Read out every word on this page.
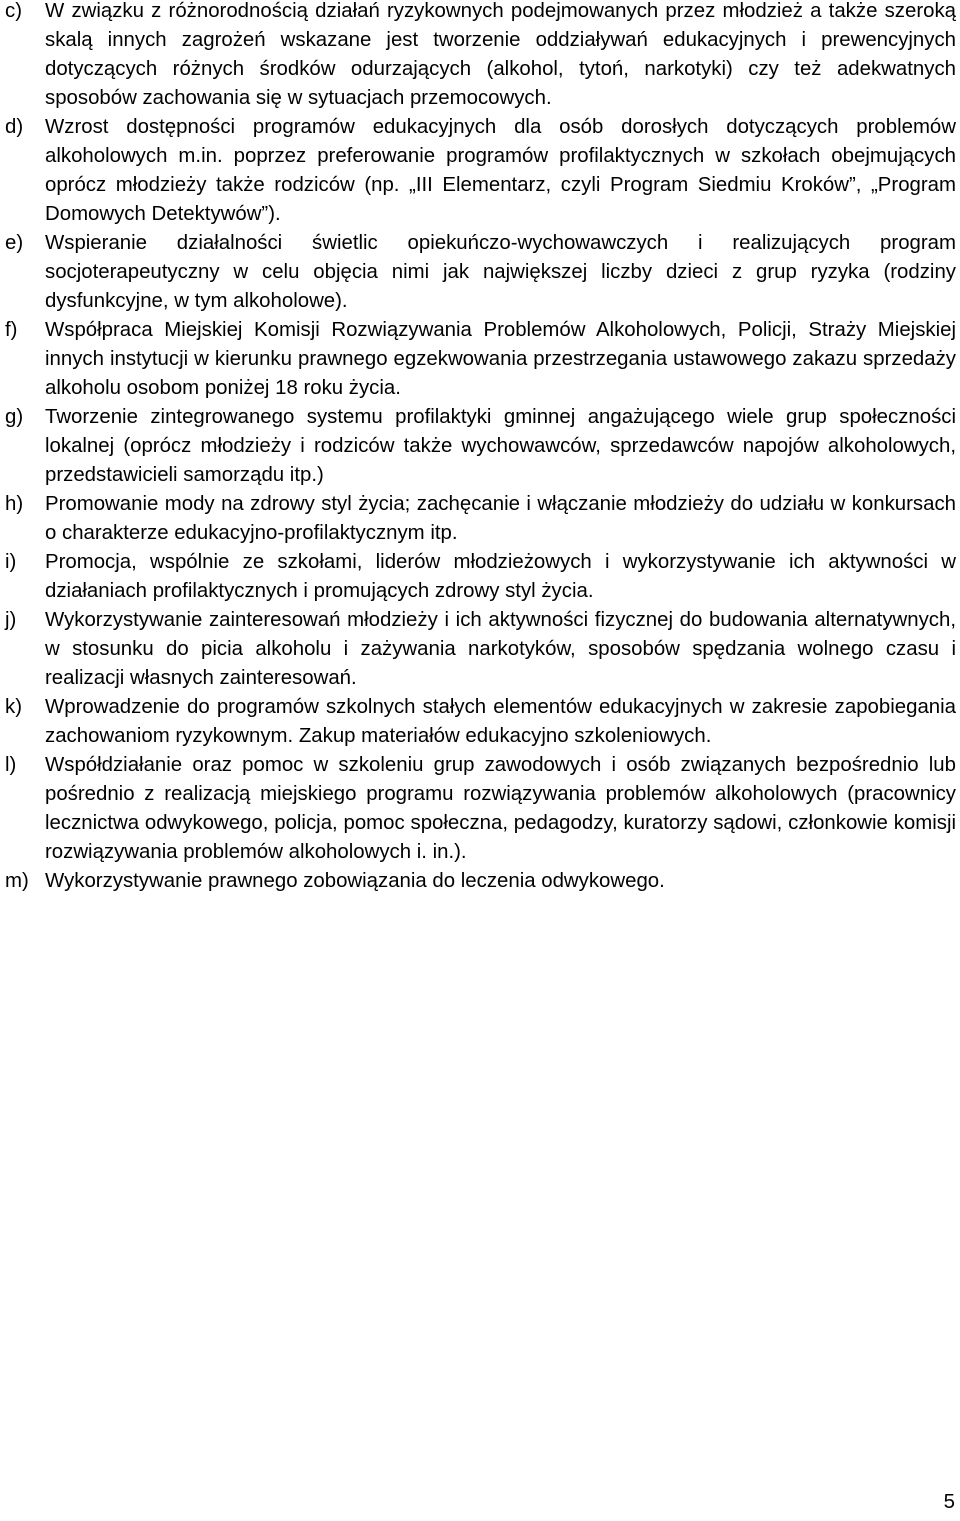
c)	W związku z różnorodnością działań ryzykownych podejmowanych przez młodzież a także szeroką skalą innych zagrożeń wskazane jest tworzenie oddziaływań edukacyjnych i prewencyjnych dotyczących różnych środków odurzających (alkohol, tytoń, narkotyki) czy też adekwatnych sposobów zachowania się w sytuacjach przemocowych.
d)	Wzrost dostępności programów edukacyjnych dla osób dorosłych dotyczących problemów alkoholowych m.in. poprzez preferowanie programów profilaktycznych w szkołach obejmujących oprócz młodzieży także rodziców (np. „III Elementarz, czyli Program Siedmiu Kroków”, „Program Domowych Detektywów”).
e)	Wspieranie działalności świetlic opiekuńczo-wychowawczych i realizujących program socjoterapeutyczny w celu objęcia nimi jak największej liczby dzieci z grup ryzyka (rodziny dysfunkcyjne, w tym alkoholowe).
f)	Współpraca Miejskiej Komisji Rozwiązywania Problemów Alkoholowych, Policji, Straży Miejskiej innych instytucji w kierunku prawnego egzekwowania przestrzegania ustawowego zakazu sprzedaży alkoholu osobom poniżej 18 roku życia.
g)	Tworzenie zintegrowanego systemu profilaktyki gminnej angażującego wiele grup społeczności lokalnej (oprócz młodzieży i rodziców także wychowawców, sprzedawców napojów alkoholowych, przedstawicieli samorządu itp.)
h)	Promowanie mody na zdrowy styl życia; zachęcanie i włączanie młodzieży do udziału w konkursach o charakterze edukacyjno-profilaktycznym itp.
i)	Promocja, wspólnie ze szkołami, liderów młodzieżowych i wykorzystywanie ich aktywności w działaniach profilaktycznych i promujących zdrowy styl życia.
j)	Wykorzystywanie zainteresowań młodzieży i ich aktywności fizycznej do budowania alternatywnych, w stosunku do picia alkoholu i zażywania narkotyków, sposobów spędzania wolnego czasu i realizacji własnych zainteresowań.
k)	Wprowadzenie do programów szkolnych stałych elementów edukacyjnych w zakresie zapobiegania zachowaniom ryzykownym. Zakup materiałów edukacyjno szkoleniowych.
l)	Współdziałanie oraz pomoc w szkoleniu grup zawodowych i osób związanych bezpośrednio lub pośrednio z realizacją miejskiego programu rozwiązywania problemów alkoholowych (pracownicy lecznictwa odwykowego, policja, pomoc społeczna, pedagodzy, kuratorzy sądowi, członkowie komisji rozwiązywania problemów alkoholowych i. in.).
m) Wykorzystywanie prawnego zobowiązania do leczenia odwykowego.
5
